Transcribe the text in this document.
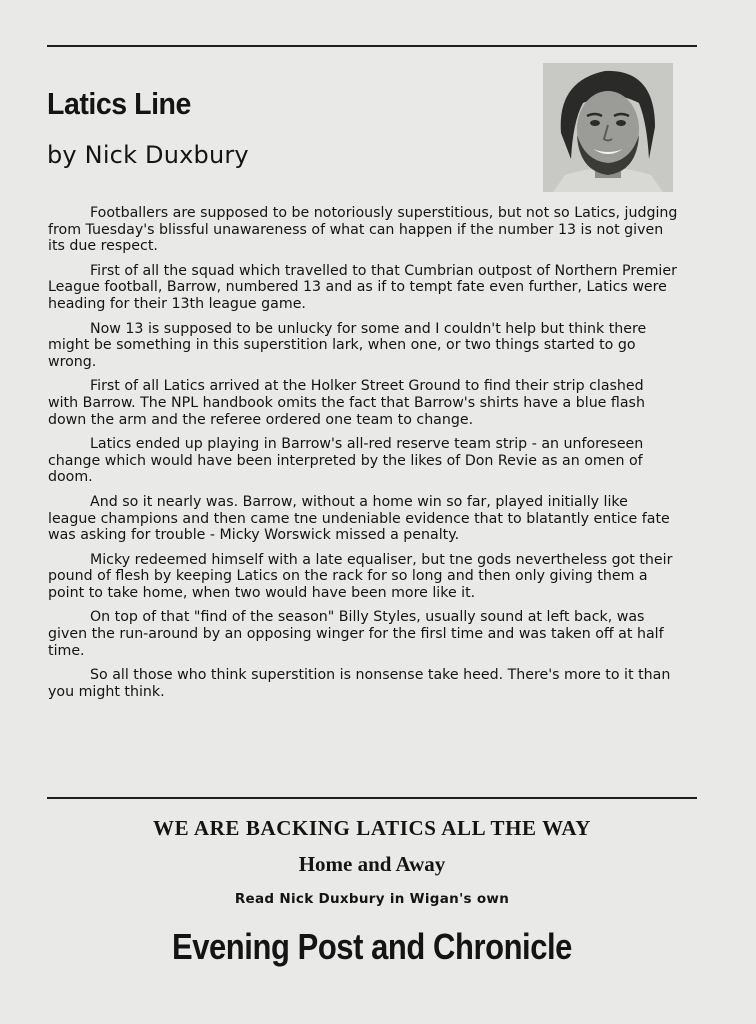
Latics Line
by Nick Duxbury

Footballers are supposed to be notoriously superstitious, but not so Latics, judging from Tuesday's blissful unawareness of what can happen if the number 13 is not given its due respect.

First of all the squad which travelled to that Cumbrian outpost of Northern Premier League football, Barrow, numbered 13 and as if to tempt fate even further, Latics were heading for their 13th league game.

Now 13 is supposed to be unlucky for some and I couldn't help but think there might be something in this superstition lark, when one, or two things started to go wrong.

First of all Latics arrived at the Holker Street Ground to find their strip clashed with Barrow. The NPL handbook omits the fact that Barrow's shirts have a blue flash down the arm and the referee ordered one team to change.

Latics ended up playing in Barrow's all-red reserve team strip - an unforeseen change which would have been interpreted by the likes of Don Revie as an omen of doom.

And so it nearly was. Barrow, without a home win so far, played initially like league champions and then came tne undeniable evidence that to blatantly entice fate was asking for trouble - Micky Worswick missed a penalty.

Micky redeemed himself with a late equaliser, but tne gods nevertheless got their pound of flesh by keeping Latics on the rack for so long and then only giving them a point to take home, when two would have been more like it.

On top of that "find of the season" Billy Styles, usually sound at left back, was given the run-around by an opposing winger for the firsl time and was taken off at half time.

So all those who think superstition is nonsense take heed. There's more to it than you might think.

WE ARE BACKING LATICS ALL THE WAY

Home and Away

Read Nick Duxbury in Wigan's own

Evening Post and Chronicle
